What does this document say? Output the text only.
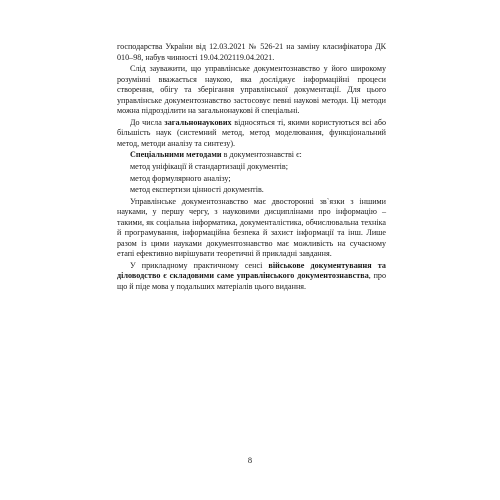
господарства України від 12.03.2021 № 526-21 на заміну класифікатора ДК 010–98, набув чинності 19.04.202119.04.2021.

Слід зауважити, що управлінське документознавство у його широкому розумінні вважається наукою, яка досліджує інформаційні процеси створення, обігу та зберігання управлінської документації. Для цього управлінське документознавство застосовує певні наукові методи. Ці методи можна підрозділити на загальнонаукові й спеціальні.

До числа загальнонаукових відносяться ті, якими користуються всі або більшість наук (системний метод, метод моделювання, функціональний метод, методи аналізу та синтезу).

Спеціальними методами в документознавстві є:

метод уніфікації й стандартизації документів;

метод формулярного аналізу;

метод експертизи цінності документів.

Управлінське документознавство має двосторонні зв`язки з іншими науками, у першу чергу, з науковими дисциплінами про інформацію – такими, як соціальна інформатика, документалістика, обчислювальна техніка й програмування, інформаційна безпека й захист інформації та інш. Лише разом із цими науками документознавство має можливість на сучасному етапі ефективно вирішувати теоретичні й прикладні завдання.

У прикладному практичному сенсі військове документування та діловодство є складовими саме управлінського документознавства, про що й піде мова у подальших матеріалів цього видання.

8
